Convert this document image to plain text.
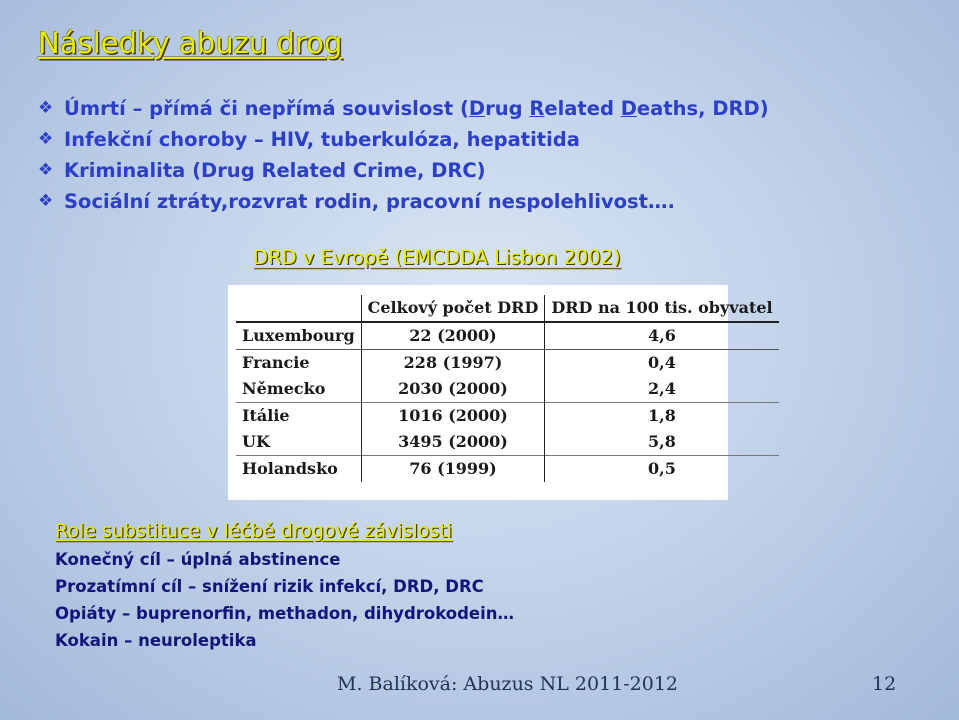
Následky abuzu drog
❖ Úmrtí – přímá či nepřímá souvislost (Drug Related Deaths, DRD)
❖ Infekční choroby – HIV, tuberkulóza, hepatitida
❖ Kriminalita (Drug Related Crime, DRC)
❖ Sociální ztráty,rozvrat rodin, pracovní nespolehlivost….
DRD v Evropě (EMCDDA Lisbon 2002)
	Celkový počet DRD	DRD na 100 tis. obyvatel
Luxembourg	22 (2000)	4,6
Francie	228 (1997)	0,4
Německo	2030 (2000)	2,4
Itálie	1016 (2000)	1,8
UK	3495 (2000)	5,8
Holandsko	76 (1999)	0,5
Role substituce v léčbě drogové závislosti
Konečný cíl – úplná abstinence
Prozatímní cíl – snížení rizik infekcí, DRD, DRC
Opiáty – buprenorfin, methadon, dihydrokodein…
Kokain – neuroleptika
M. Balíková: Abuzus NL 2011-2012	12
